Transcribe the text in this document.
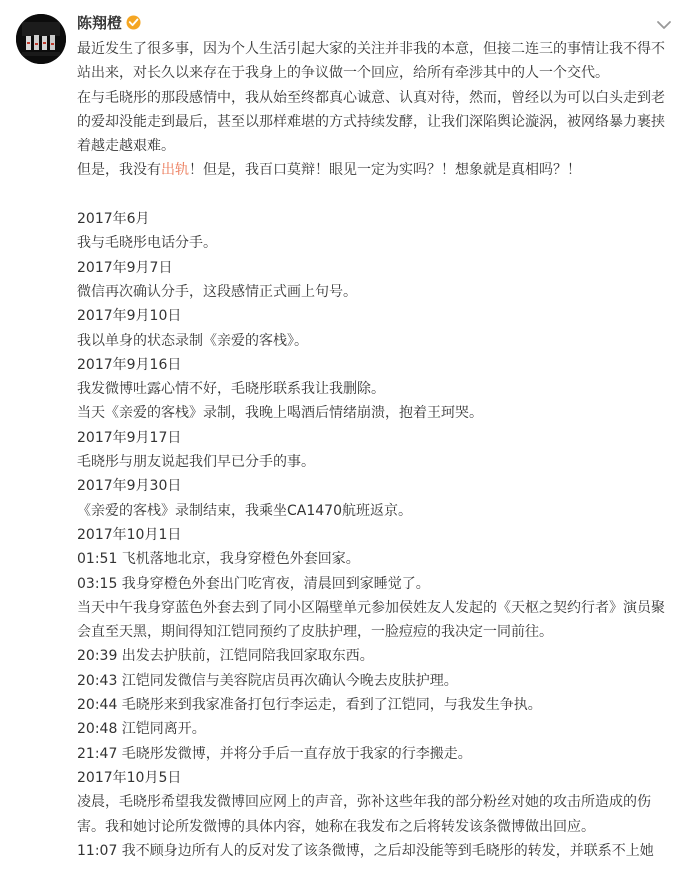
陈翔橙

最近发生了很多事，因为个人生活引起大家的关注并非我的本意，但接二连三的事情让我不得不站出来，对长久以来存在于我身上的争议做一个回应，给所有牵涉其中的人一个交代。

在与毛晓彤的那段感情中，我从始至终都真心诚意、认真对待，然而，曾经以为可以白头走到老的爱却没能走到最后，甚至以那样难堪的方式持续发酵，让我们深陷舆论漩涡，被网络暴力裹挟着越走越艰难。

但是，我没有出轨！但是，我百口莫辩！眼见一定为实吗？！想象就是真相吗？！

2017年6月

我与毛晓彤电话分手。

2017年9月7日

微信再次确认分手，这段感情正式画上句号。

2017年9月10日

我以单身的状态录制《亲爱的客栈》。

2017年9月16日

我发微博吐露心情不好，毛晓彤联系我让我删除。

当天《亲爱的客栈》录制，我晚上喝酒后情绪崩溃，抱着王珂哭。

2017年9月17日

毛晓彤与朋友说起我们早已分手的事。

2017年9月30日

《亲爱的客栈》录制结束，我乘坐CA1470航班返京。

2017年10月1日

01:51 飞机落地北京，我身穿橙色外套回家。

03:15 我身穿橙色外套出门吃宵夜，清晨回到家睡觉了。

当天中午我身穿蓝色外套去到了同小区隔壁单元参加侯姓友人发起的《天枢之契约行者》演员聚会直至天黑，期间得知江铠同预约了皮肤护理，一脸痘痘的我决定一同前往。

20:39 出发去护肤前，江铠同陪我回家取东西。

20:43 江铠同发微信与美容院店员再次确认今晚去皮肤护理。

20:44 毛晓彤来到我家准备打包行李运走，看到了江铠同，与我发生争执。

20:48 江铠同离开。

21:47 毛晓彤发微博，并将分手后一直存放于我家的行李搬走。

2017年10月5日

凌晨，毛晓彤希望我发微博回应网上的声音，弥补这些年我的部分粉丝对她的攻击所造成的伤害。我和她讨论所发微博的具体内容，她称在我发布之后将转发该条微博做出回应。

11:07 我不顾身边所有人的反对发了该条微博，之后却没能等到毛晓彤的转发，并联系不上她
